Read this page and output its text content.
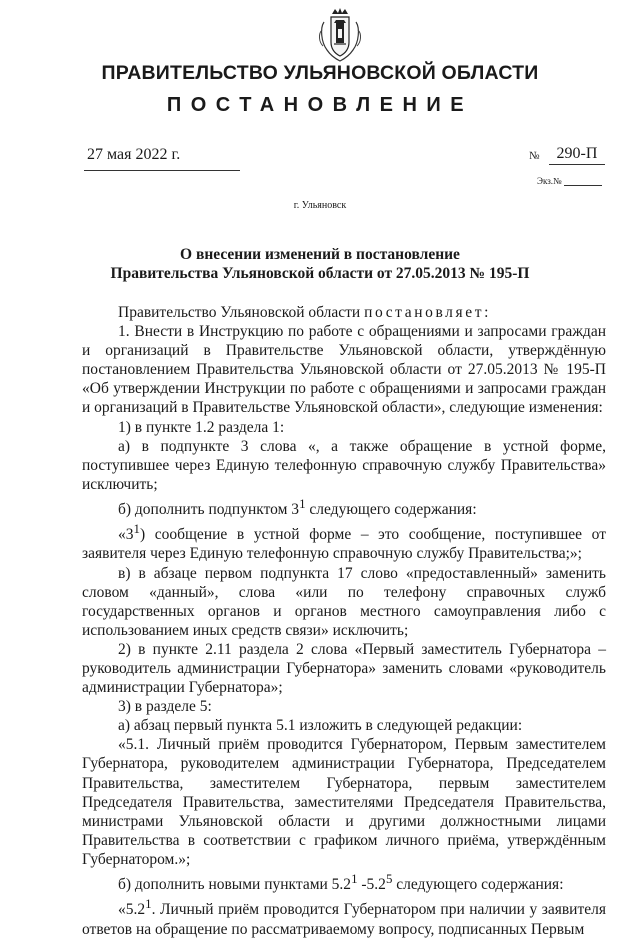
ПРАВИТЕЛЬСТВО УЛЬЯНОВСКОЙ ОБЛАСТИ
ПОСТАНОВЛЕНИЕ
27 мая 2022 г.	№	290-П
Экз.№
г. Ульяновск
О внесении изменений в постановление
Правительства Ульяновской области от 27.05.2013 № 195-П

Правительство Ульяновской области постановляет:

1. Внести в Инструкцию по работе с обращениями и запросами граждан и организаций в Правительстве Ульяновской области, утверждённую постановлением Правительства Ульяновской области от 27.05.2013 № 195-П «Об утверждении Инструкции по работе с обращениями и запросами граждан и организаций в Правительстве Ульяновской области», следующие изменения:

1) в пункте 1.2 раздела 1:

а) в подпункте 3 слова «, а также обращение в устной форме, поступившее через Единую телефонную справочную службу Правительства» исключить;

б) дополнить подпунктом $3^1$ следующего содержания:

«$3^1$) сообщение в устной форме – это сообщение, поступившее от заявителя через Единую телефонную справочную службу Правительства;»;

в) в абзаце первом подпункта 17 слово «предоставленный» заменить словом «данный», слова «или по телефону справочных служб государственных органов и органов местного самоуправления либо с использованием иных средств связи» исключить;

2) в пункте 2.11 раздела 2 слова «Первый заместитель Губернатора – руководитель администрации Губернатора» заменить словами «руководитель администрации Губернатора»;

3) в разделе 5:

а) абзац первый пункта 5.1 изложить в следующей редакции:

«5.1. Личный приём проводится Губернатором, Первым заместителем Губернатора, руководителем администрации Губернатора, Председателем Правительства, заместителем Губернатора, первым заместителем Председателя Правительства, заместителями Председателя Правительства, министрами Ульяновской области и другими должностными лицами Правительства в соответствии с графиком личного приёма, утверждённым Губернатором.»;

б) дополнить новыми пунктами $5.2^1$ $-5.2^5$ следующего содержания:

«$5.2^1$. Личный приём проводится Губернатором при наличии у заявителя ответов на обращение по рассматриваемому вопросу, подписанных Первым
